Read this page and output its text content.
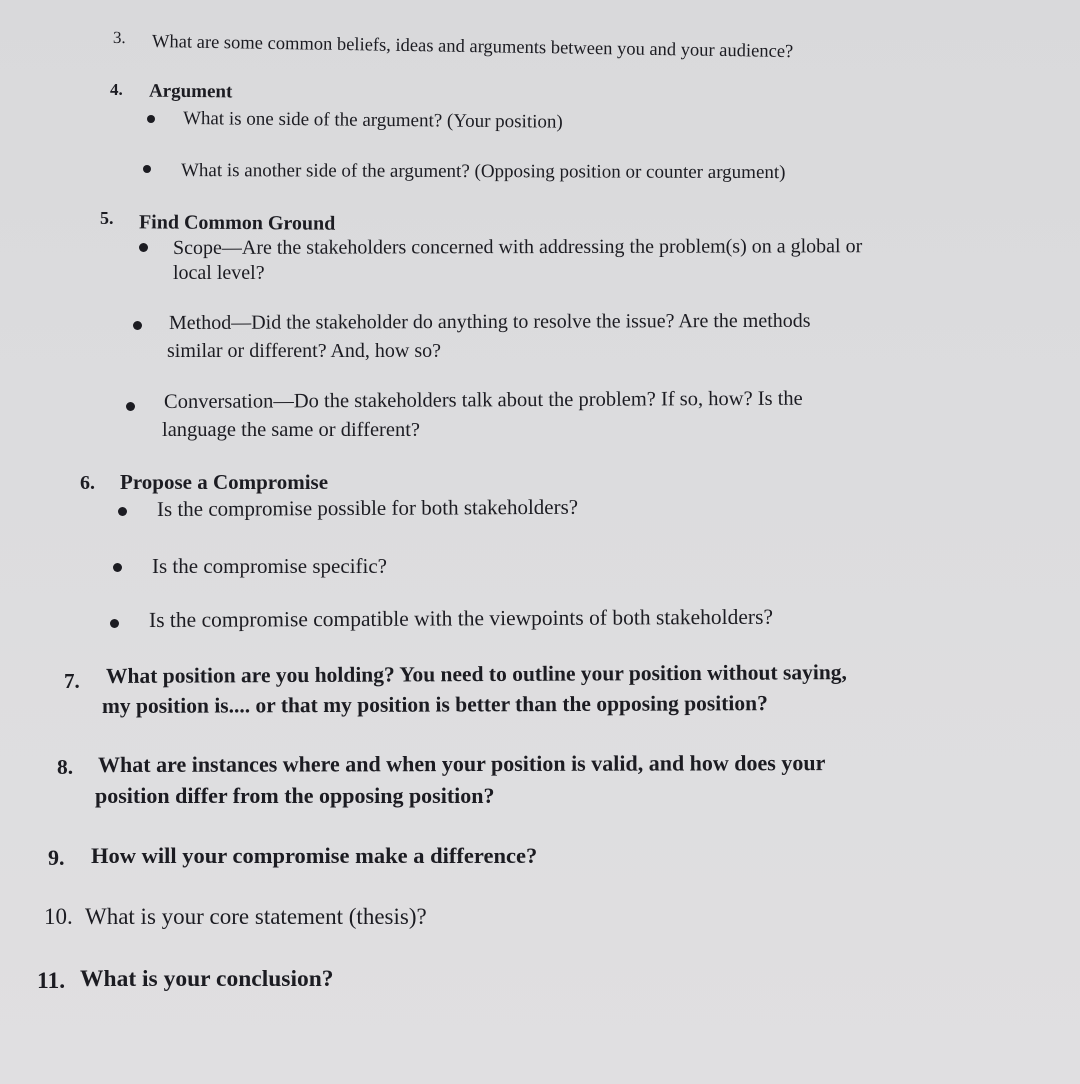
3. What are some common beliefs, ideas and arguments between you and your audience?
4. Argument
What is one side of the argument? (Your position)
What is another side of the argument? (Opposing position or counter argument)
5. Find Common Ground
Scope—Are the stakeholders concerned with addressing the problem(s) on a global or
local level?
Method—Did the stakeholder do anything to resolve the issue? Are the methods
similar or different? And, how so?
Conversation—Do the stakeholders talk about the problem? If so, how? Is the
language the same or different?
6. Propose a Compromise
Is the compromise possible for both stakeholders?
Is the compromise specific?
Is the compromise compatible with the viewpoints of both stakeholders?
7. What position are you holding? You need to outline your position without saying,
my position is.... or that my position is better than the opposing position?
8. What are instances where and when your position is valid, and how does your
position differ from the opposing position?
9. How will your compromise make a difference?
10. What is your core statement (thesis)?
11. What is your conclusion?
